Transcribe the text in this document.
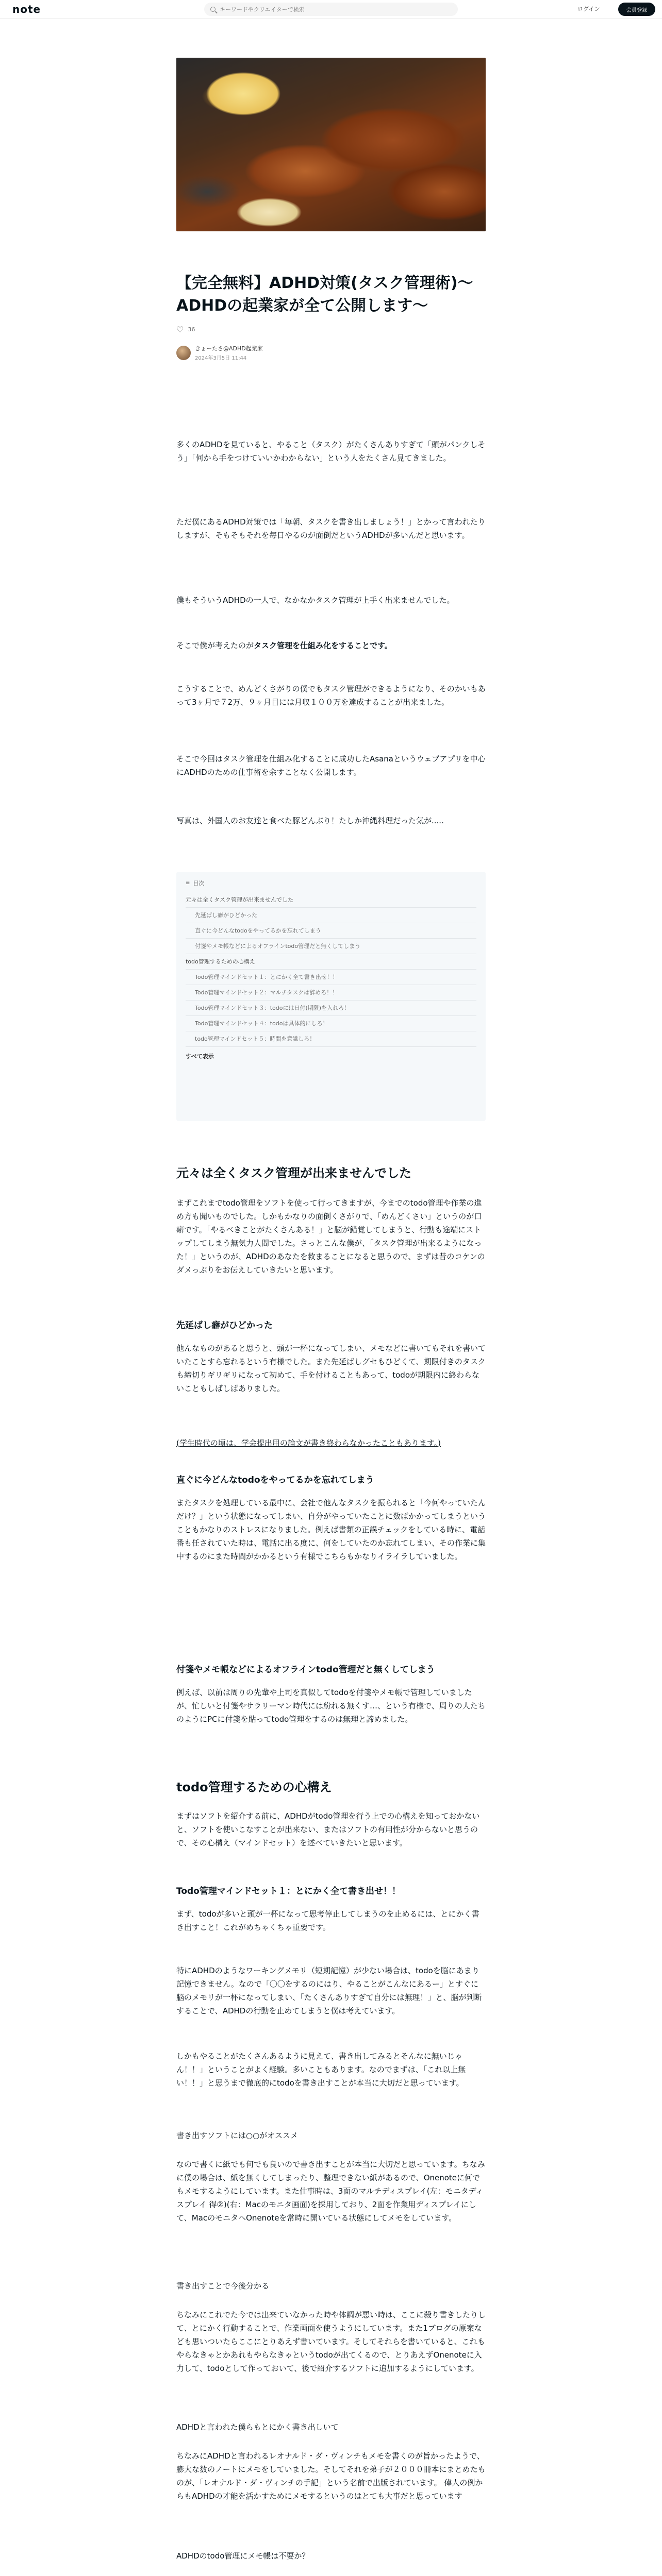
note
キーワードやクリエイターで検索	ログイン	会員登録
【完全無料】ADHD対策(タスク管理術)〜ADHDの起業家が全て公開します〜
♡ 36
きょーたさ@ADHD起業家
2024年3月5日 11:44

多くのADHDを見ていると、やること（タスク）がたくさんありすぎて「頭がパンクしそう」「何から手をつけていいかわからない」という人をたくさん見てきました。

ただ僕にあるADHD対策では「毎朝、タスクを書き出しましょう！」とかって言われたりしますが、そもそもそれを毎日やるのが面倒だというADHDが多いんだと思います。

僕もそういうADHDの一人で、なかなかタスク管理が上手く出来ませんでした。

そこで僕が考えたのがタスク管理を仕組み化をすることです。

こうすることで、めんどくさがりの僕でもタスク管理ができるようになり、そのかいもあって3ヶ月で７2万、９ヶ月目には月収１００万を達成することが出来ました。

そこで今回はタスク管理を仕組み化することに成功したAsanaというウェブアプリを中心にADHDのための仕事術を余すことなく公開します。

写真は、外国人のお友達と食べた豚どんぶり！たしか沖縄料理だった気が.....

≡ 目次
元々は全くタスク管理が出来ませんでした
先延ばし癖がひどかった
直ぐに今どんなtodoをやってるかを忘れてしまう
付箋やメモ帳などによるオフラインtodo管理だと無くしてしまう
todo管理するための心構え
Todo管理マインドセット１：とにかく全て書き出せ！！
Todo管理マインドセット２：マルチタスクは辞めろ！！
Todo管理マインドセット３：todoには日付(期限)を入れろ！
Todo管理マインドセット４：todoは具体的にしろ！
todo管理マインドセット５：時間を意識しろ！
すべて表示
元々は全くタスク管理が出来ませんでした

まずこれまでtodo管理をソフトを使って行ってきますが、今までのtodo管理や作業の進め方も聞いものでした。しかもかなりの面倒くさがりで、「めんどくさい」というのが口癖です。「やるべきことがたくさんある！」と脳が錯覚してしまうと、行動も途端にストップしてしまう無気力人間でした。さっとこんな僕が、「タスク管理が出来るようになった！」というのが、ADHDのあなたを救まることになると思うので、まずは昔のコケンのダメっぷりをお伝えしていきたいと思います。

先延ばし癖がひどかった

他んなものがあると思うと、頭が一杯になってしまい、メモなどに書いてもそれを書いていたことすら忘れるという有様でした。また先延ばしグセもひどくて、期限付きのタスクも締切りギリギリになって初めて、手を付けることもあって、todoが期限内に終わらないこともしばしばありました。

(学生時代の頃は、学会提出用の論文が書き終わらなかったこともあります。)

直ぐに今どんなtodoをやってるかを忘れてしまう

またタスクを処理している最中に、会社で他んなタスクを振られると「今何やっていたんだけ？」という状態になってしまい、自分がやっていたことに数ばかかってしまうということもかなりのストレスになりました。例えば書類の正誤チェックをしている時に、電話番も任されていた時は、電話に出る度に、何をしていたのか忘れてしまい、その作業に集中するのにまた時間がかかるという有様でこちらもかなりイライラしていました。

付箋やメモ帳などによるオフラインtodo管理だと無くしてしまう

例えば、以前は周りの先輩や上司を真似してtodoを付箋やメモ帳で管理していましたが、忙しいと付箋やサラリーマン時代には紛れる無くす…、という有様で、周りの人たちのようにPCに付箋を貼ってtodo管理をするのは無理と諦めました。

todo管理するための心構え

まずはソフトを紹介する前に、ADHDがtodo管理を行う上での心構えを知っておかないと、ソフトを使いこなすことが出来ない、またはソフトの有用性が分からないと思うので、その心構え（マインドセット）を述べていきたいと思います。

Todo管理マインドセット１：とにかく全て書き出せ！！

まず、todoが多いと頭が一杯になって思考停止してしまうのを止めるには、とにかく書き出すこと！これがめちゃくちゃ重要です。

特にADHDのようなワーキングメモリ（短期記憶）が少ない場合は、todoを脳にあまり記憶できません。なので「〇〇をするのにはり、やることがこんなにあるー」とすぐに脳のメモリが一杯になってしまい、「たくさんありすぎて自分には無理！」と、脳が判断することで、ADHDの行動を止めてしまうと僕は考えています。

しかもやることがたくさんあるように見えて、書き出してみるとそんなに無いじゃん！！」ということがよく経験。多いこともあります。なのでまずは、「これ以上無い！！」と思うまで徹底的にtodoを書き出すことが本当に大切だと思っています。

書き出すソフトには○○がオススメ

なので書くに紙でも何でも良いので書き出すことが本当に大切だと思っています。ちなみに僕の場合は、紙を無くしてしまったり、整理できない紙があるので、Onenoteに何でもメモするようにしています。また仕事時は、3面のマルチディスプレイ(左：モニタディスプレイ 得②)(右：Macのモニタ画面)を採用しており、2面を作業用ディスプレイにして、MacのモニタヘOnenoteを常時に開いている状態にしてメモをしています。

書き出すことで今後分かる

ちなみにこれでた今では出来ていなかった時や体調が悪い時は、ここに殺り書きしたりして、とにかく行動することで、作業画面を使うようにしています。また1ブログの原案なども思いついたらここにとりあえず書いています。そしてそれらを書いていると、これもやらなきゃとかあれもやらなきゃというtodoが出てくるので、とりあえずOnenoteに入力して、todoとして作っておいて、後で紹介するソフトに追加するようにしています。

ADHDと言われた僕らもとにかく書き出しいて

ちなみにADHDと言われるレオナルド・ダ・ヴィンチもメモを書くのが旨かったようで、膨大な数のノートにメモをしていました。そしてそれを弟子が２０００冊本にまとめたものが、「レオナルド・ダ・ヴィンチの手記」という名前で出版されています。 偉人の例からもADHDの才能を活かすためにメモするというのはとても大事だと思っています

ADHDのtodo管理にメモ帳は不要か？
